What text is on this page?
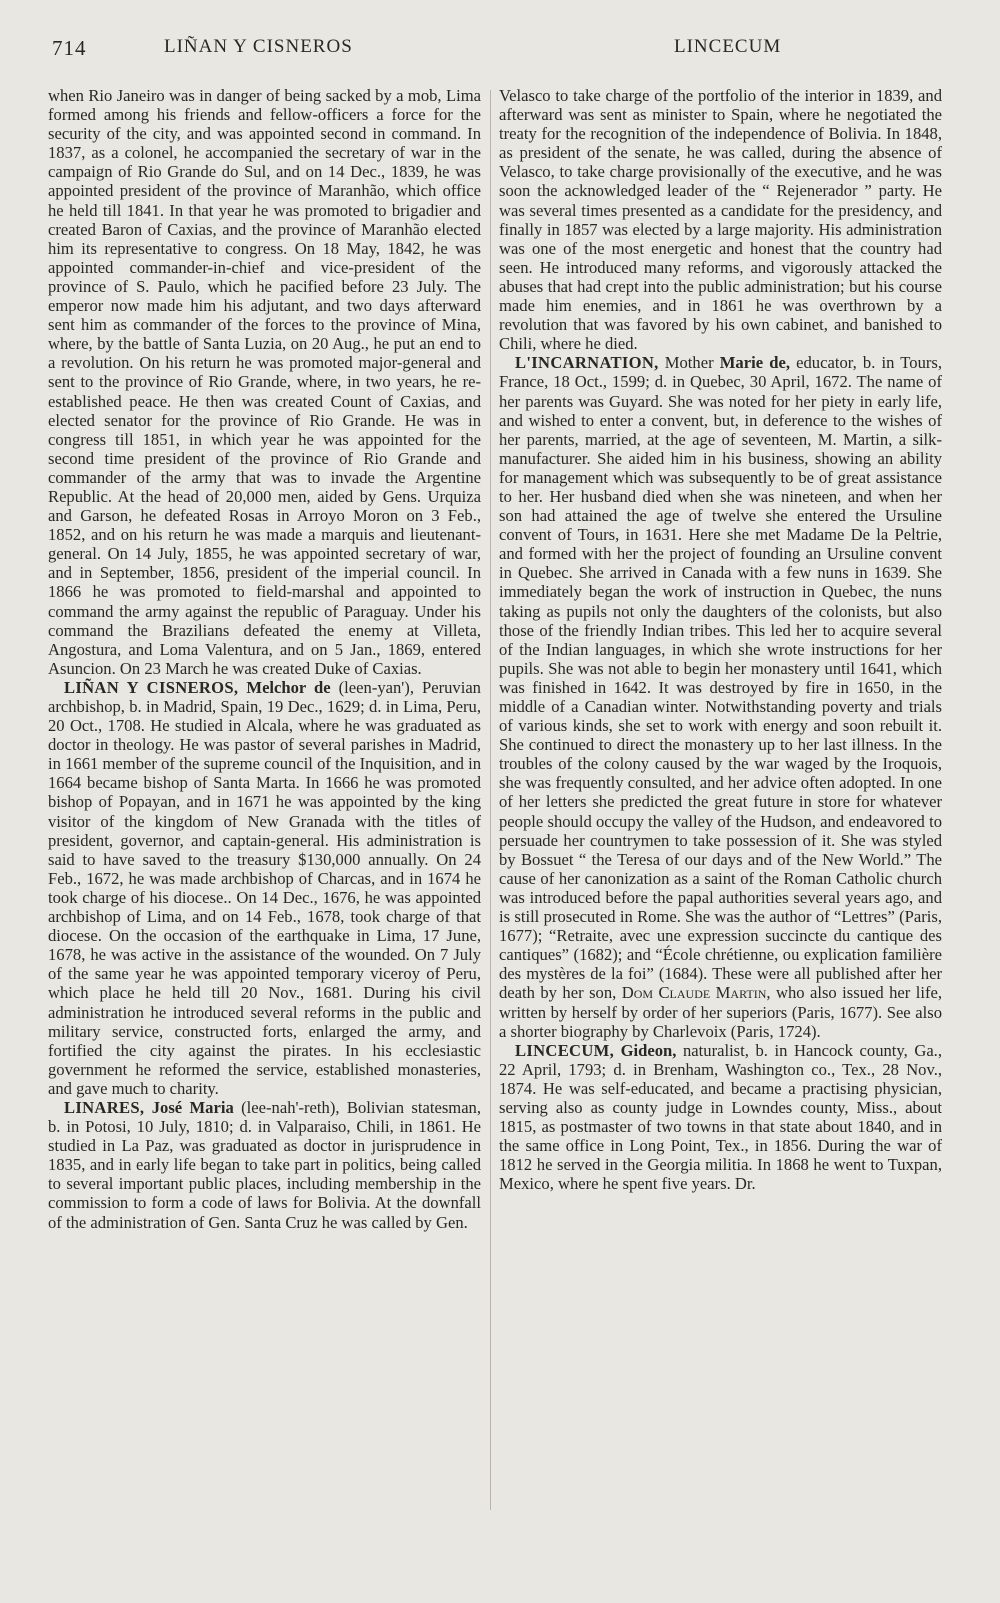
714	LIÑAN Y CISNEROS	LINCECUM

when Rio Janeiro was in danger of being sacked by a mob, Lima formed among his friends and fellow-officers a force for the security of the city, and was appointed second in command. In 1837, as a colonel, he accompanied the secretary of war in the campaign of Rio Grande do Sul, and on 14 Dec., 1839, he was appointed president of the province of Maranhão, which office he held till 1841. In that year he was promoted to brigadier and created Baron of Caxias, and the province of Maranhão elected him its representative to congress. On 18 May, 1842, he was appointed commander-in-chief and vice-president of the province of S. Paulo, which he pacified before 23 July. The emperor now made him his adjutant, and two days afterward sent him as commander of the forces to the province of Mina, where, by the battle of Santa Luzia, on 20 Aug., he put an end to a revolution. On his return he was promoted major-general and sent to the province of Rio Grande, where, in two years, he re-established peace. He then was created Count of Caxias, and elected senator for the province of Rio Grande. He was in congress till 1851, in which year he was appointed for the second time president of the province of Rio Grande and commander of the army that was to invade the Argentine Republic. At the head of 20,000 men, aided by Gens. Urquiza and Garson, he defeated Rosas in Arroyo Moron on 3 Feb., 1852, and on his return he was made a marquis and lieutenant-general. On 14 July, 1855, he was appointed secretary of war, and in September, 1856, president of the imperial council. In 1866 he was promoted to field-marshal and appointed to command the army against the republic of Paraguay. Under his command the Brazilians defeated the enemy at Villeta, Angostura, and Loma Valentura, and on 5 Jan., 1869, entered Asuncion. On 23 March he was created Duke of Caxias.

LIÑAN Y CISNEROS, Melchor de (leen-yan'), Peruvian archbishop, b. in Madrid, Spain, 19 Dec., 1629; d. in Lima, Peru, 20 Oct., 1708. He studied in Alcala, where he was graduated as doctor in theology. He was pastor of several parishes in Madrid, in 1661 member of the supreme council of the Inquisition, and in 1664 became bishop of Santa Marta. In 1666 he was promoted bishop of Popayan, and in 1671 he was appointed by the king visitor of the kingdom of New Granada with the titles of president, governor, and captain-general. His administration is said to have saved to the treasury $130,000 annually. On 24 Feb., 1672, he was made archbishop of Charcas, and in 1674 he took charge of his diocese.. On 14 Dec., 1676, he was appointed archbishop of Lima, and on 14 Feb., 1678, took charge of that diocese. On the occasion of the earthquake in Lima, 17 June, 1678, he was active in the assistance of the wounded. On 7 July of the same year he was appointed temporary viceroy of Peru, which place he held till 20 Nov., 1681. During his civil administration he introduced several reforms in the public and military service, constructed forts, enlarged the army, and fortified the city against the pirates. In his ecclesiastic government he reformed the service, established monasteries, and gave much to charity.

LINARES, José Maria (lee-nah'-reth), Bolivian statesman, b. in Potosi, 10 July, 1810; d. in Valparaiso, Chili, in 1861. He studied in La Paz, was graduated as doctor in jurisprudence in 1835, and in early life began to take part in politics, being called to several important public places, including membership in the commission to form a code of laws for Bolivia. At the downfall of the administration of Gen. Santa Cruz he was called by Gen.

Velasco to take charge of the portfolio of the interior in 1839, and afterward was sent as minister to Spain, where he negotiated the treaty for the recognition of the independence of Bolivia. In 1848, as president of the senate, he was called, during the absence of Velasco, to take charge provisionally of the executive, and he was soon the acknowledged leader of the “ Rejenerador ” party. He was several times presented as a candidate for the presidency, and finally in 1857 was elected by a large majority. His administration was one of the most energetic and honest that the country had seen. He introduced many reforms, and vigorously attacked the abuses that had crept into the public administration; but his course made him enemies, and in 1861 he was overthrown by a revolution that was favored by his own cabinet, and banished to Chili, where he died.

L'INCARNATION, Mother Marie de, educator, b. in Tours, France, 18 Oct., 1599; d. in Quebec, 30 April, 1672. The name of her parents was Guyard. She was noted for her piety in early life, and wished to enter a convent, but, in deference to the wishes of her parents, married, at the age of seventeen, M. Martin, a silk-manufacturer. She aided him in his business, showing an ability for management which was subsequently to be of great assistance to her. Her husband died when she was nineteen, and when her son had attained the age of twelve she entered the Ursuline convent of Tours, in 1631. Here she met Madame De la Peltrie, and formed with her the project of founding an Ursuline convent in Quebec. She arrived in Canada with a few nuns in 1639. She immediately began the work of instruction in Quebec, the nuns taking as pupils not only the daughters of the colonists, but also those of the friendly Indian tribes. This led her to acquire several of the Indian languages, in which she wrote instructions for her pupils. She was not able to begin her monastery until 1641, which was finished in 1642. It was destroyed by fire in 1650, in the middle of a Canadian winter. Notwithstanding poverty and trials of various kinds, she set to work with energy and soon rebuilt it. She continued to direct the monastery up to her last illness. In the troubles of the colony caused by the war waged by the Iroquois, she was frequently consulted, and her advice often adopted. In one of her letters she predicted the great future in store for whatever people should occupy the valley of the Hudson, and endeavored to persuade her countrymen to take possession of it. She was styled by Bossuet “ the Teresa of our days and of the New World.” The cause of her canonization as a saint of the Roman Catholic church was introduced before the papal authorities several years ago, and is still prosecuted in Rome. She was the author of “Lettres” (Paris, 1677); “Retraite, avec une expression succincte du cantique des cantiques” (1682); and “École chrétienne, ou explication familière des mystères de la foi” (1684). These were all published after her death by her son, Dom Claude Martin, who also issued her life, written by herself by order of her superiors (Paris, 1677). See also a shorter biography by Charlevoix (Paris, 1724).

LINCECUM, Gideon, naturalist, b. in Hancock county, Ga., 22 April, 1793; d. in Brenham, Washington co., Tex., 28 Nov., 1874. He was self-educated, and became a practising physician, serving also as county judge in Lowndes county, Miss., about 1815, as postmaster of two towns in that state about 1840, and in the same office in Long Point, Tex., in 1856. During the war of 1812 he served in the Georgia militia. In 1868 he went to Tuxpan, Mexico, where he spent five years. Dr.
